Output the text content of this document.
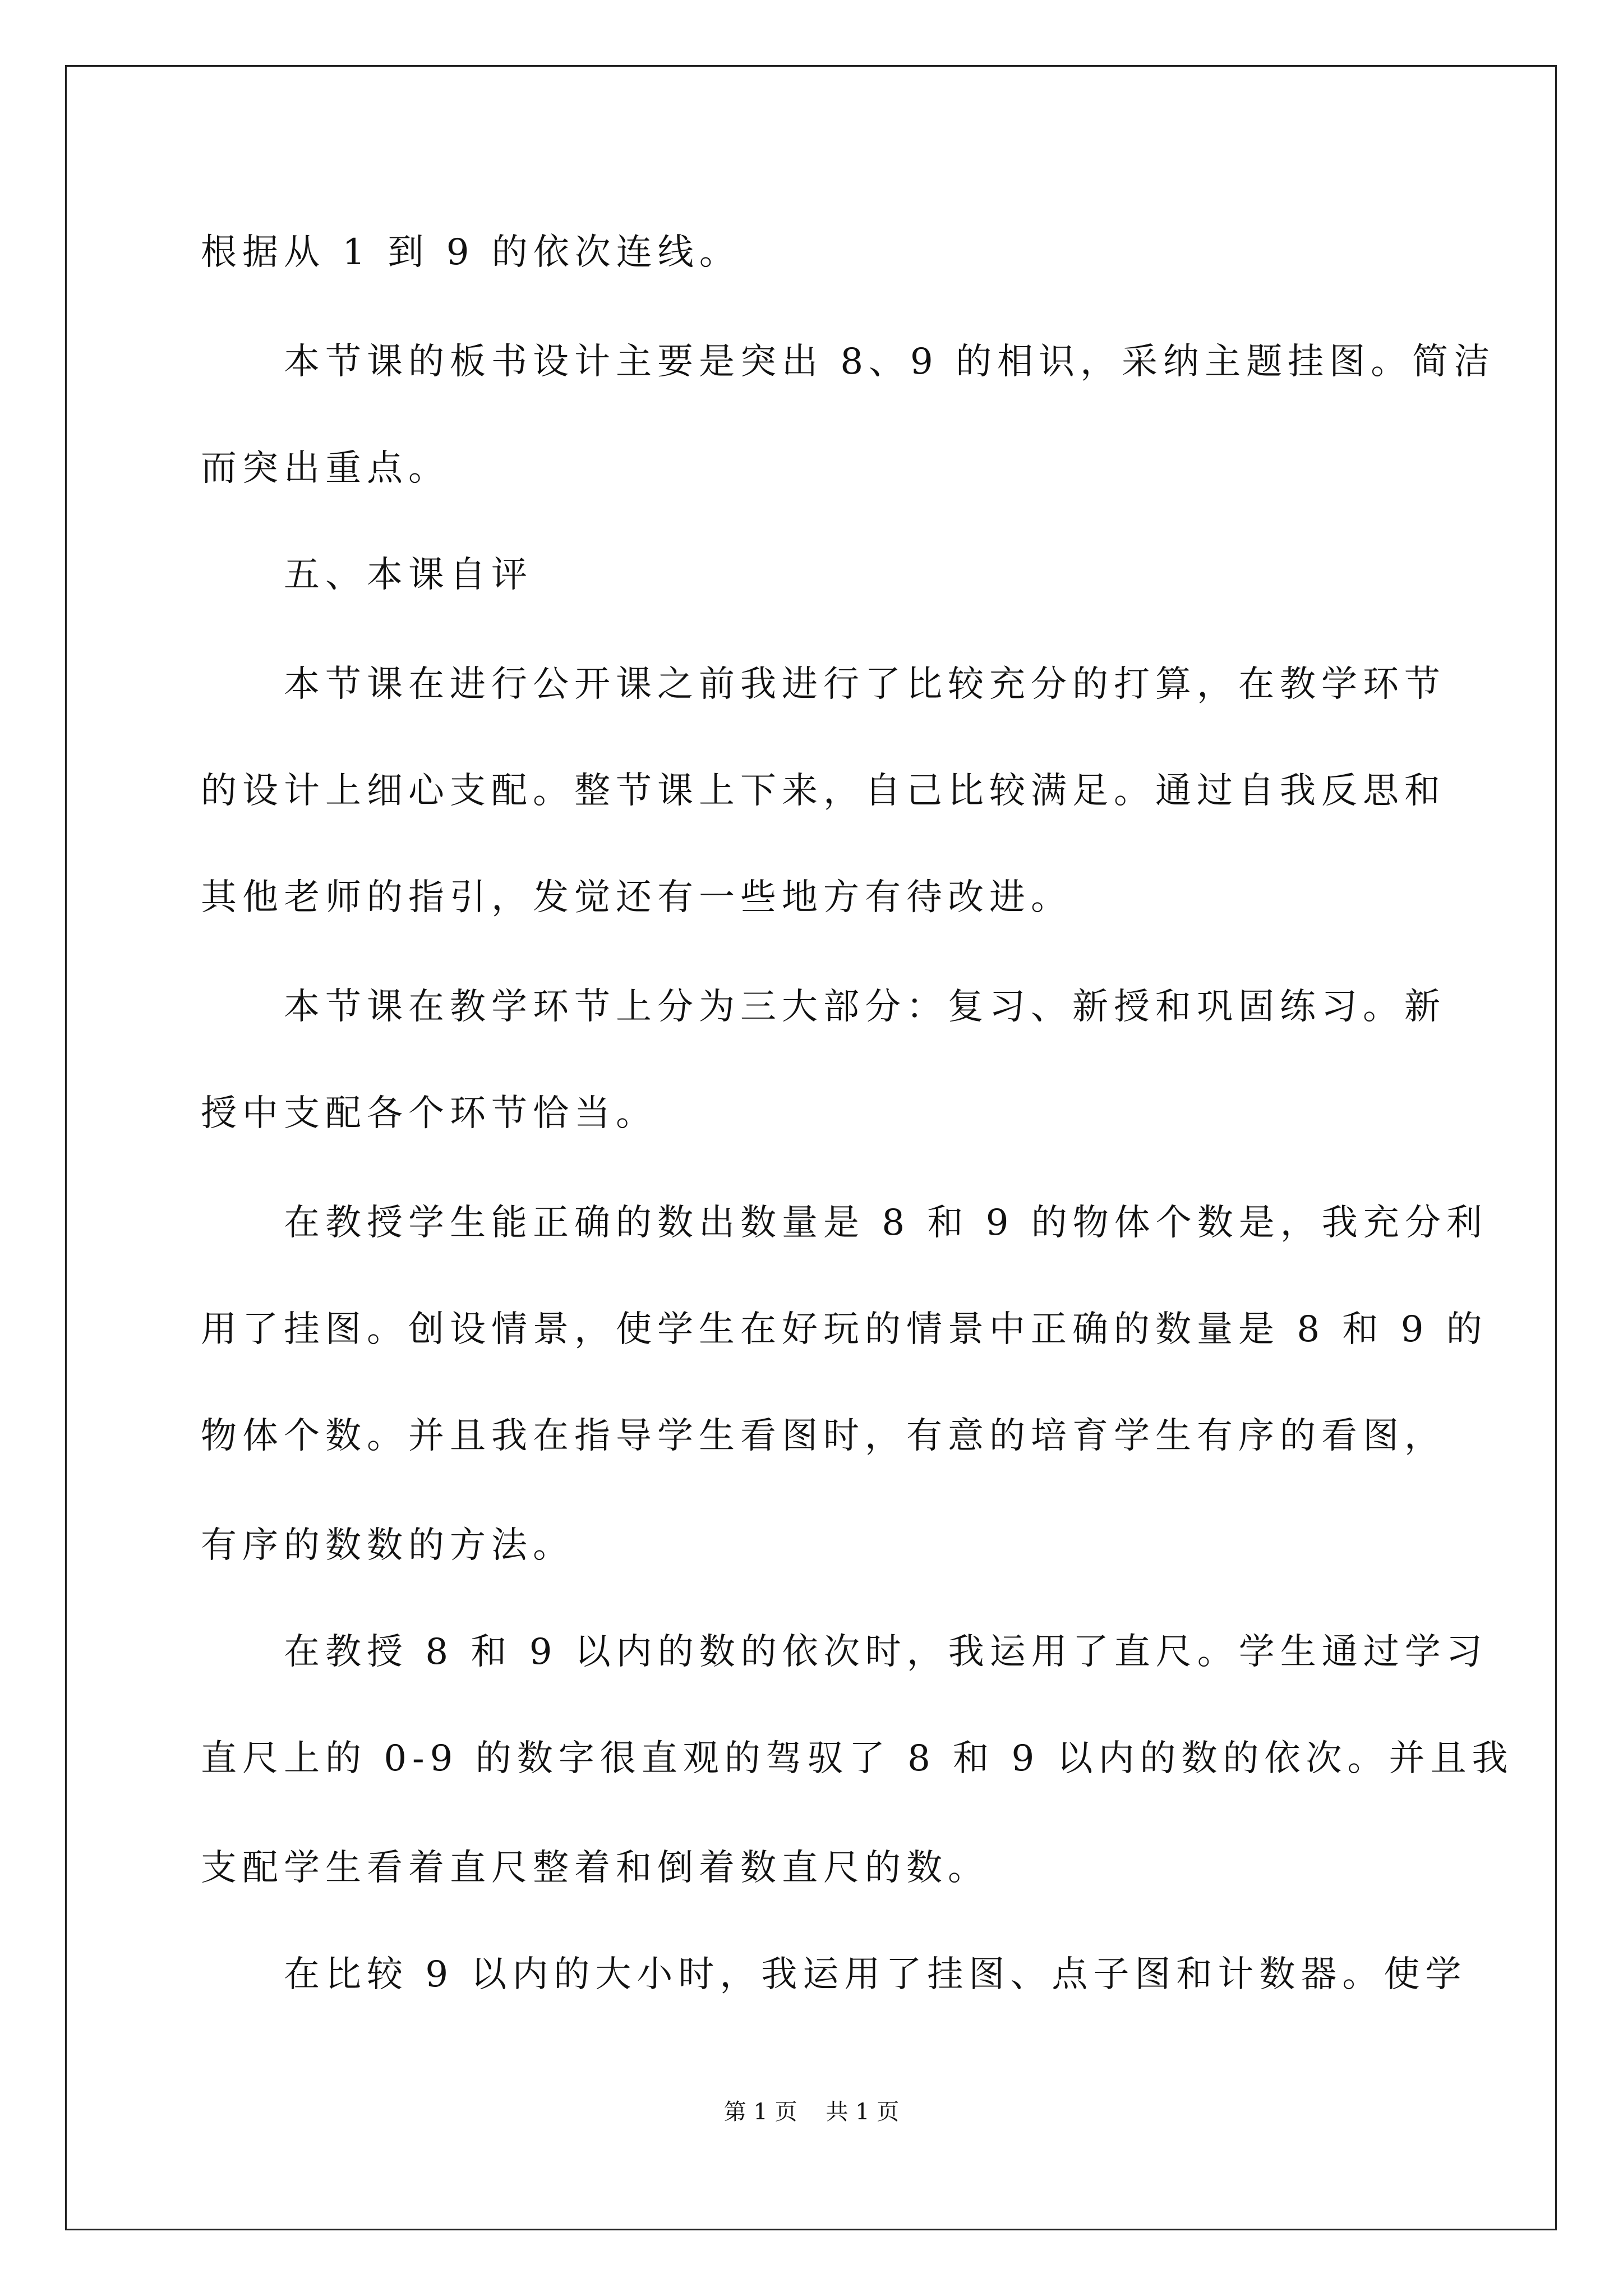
根据从 1 到 9 的依次连线。
本节课的板书设计主要是突出 8、9 的相识，采纳主题挂图。简洁
而突出重点。
五、本课自评
本节课在进行公开课之前我进行了比较充分的打算，在教学环节
的设计上细心支配。整节课上下来，自己比较满足。通过自我反思和
其他老师的指引，发觉还有一些地方有待改进。
本节课在教学环节上分为三大部分：复习、新授和巩固练习。新
授中支配各个环节恰当。
在教授学生能正确的数出数量是 8 和 9 的物体个数是，我充分利
用了挂图。创设情景，使学生在好玩的情景中正确的数量是 8 和 9 的
物体个数。并且我在指导学生看图时，有意的培育学生有序的看图，
有序的数数的方法。
在教授 8 和 9 以内的数的依次时，我运用了直尺。学生通过学习
直尺上的 0-9 的数字很直观的驾驭了 8 和 9 以内的数的依次。并且我
支配学生看着直尺整着和倒着数直尺的数。
在比较 9 以内的大小时，我运用了挂图、点子图和计数器。使学
第 1 页    共 1 页
